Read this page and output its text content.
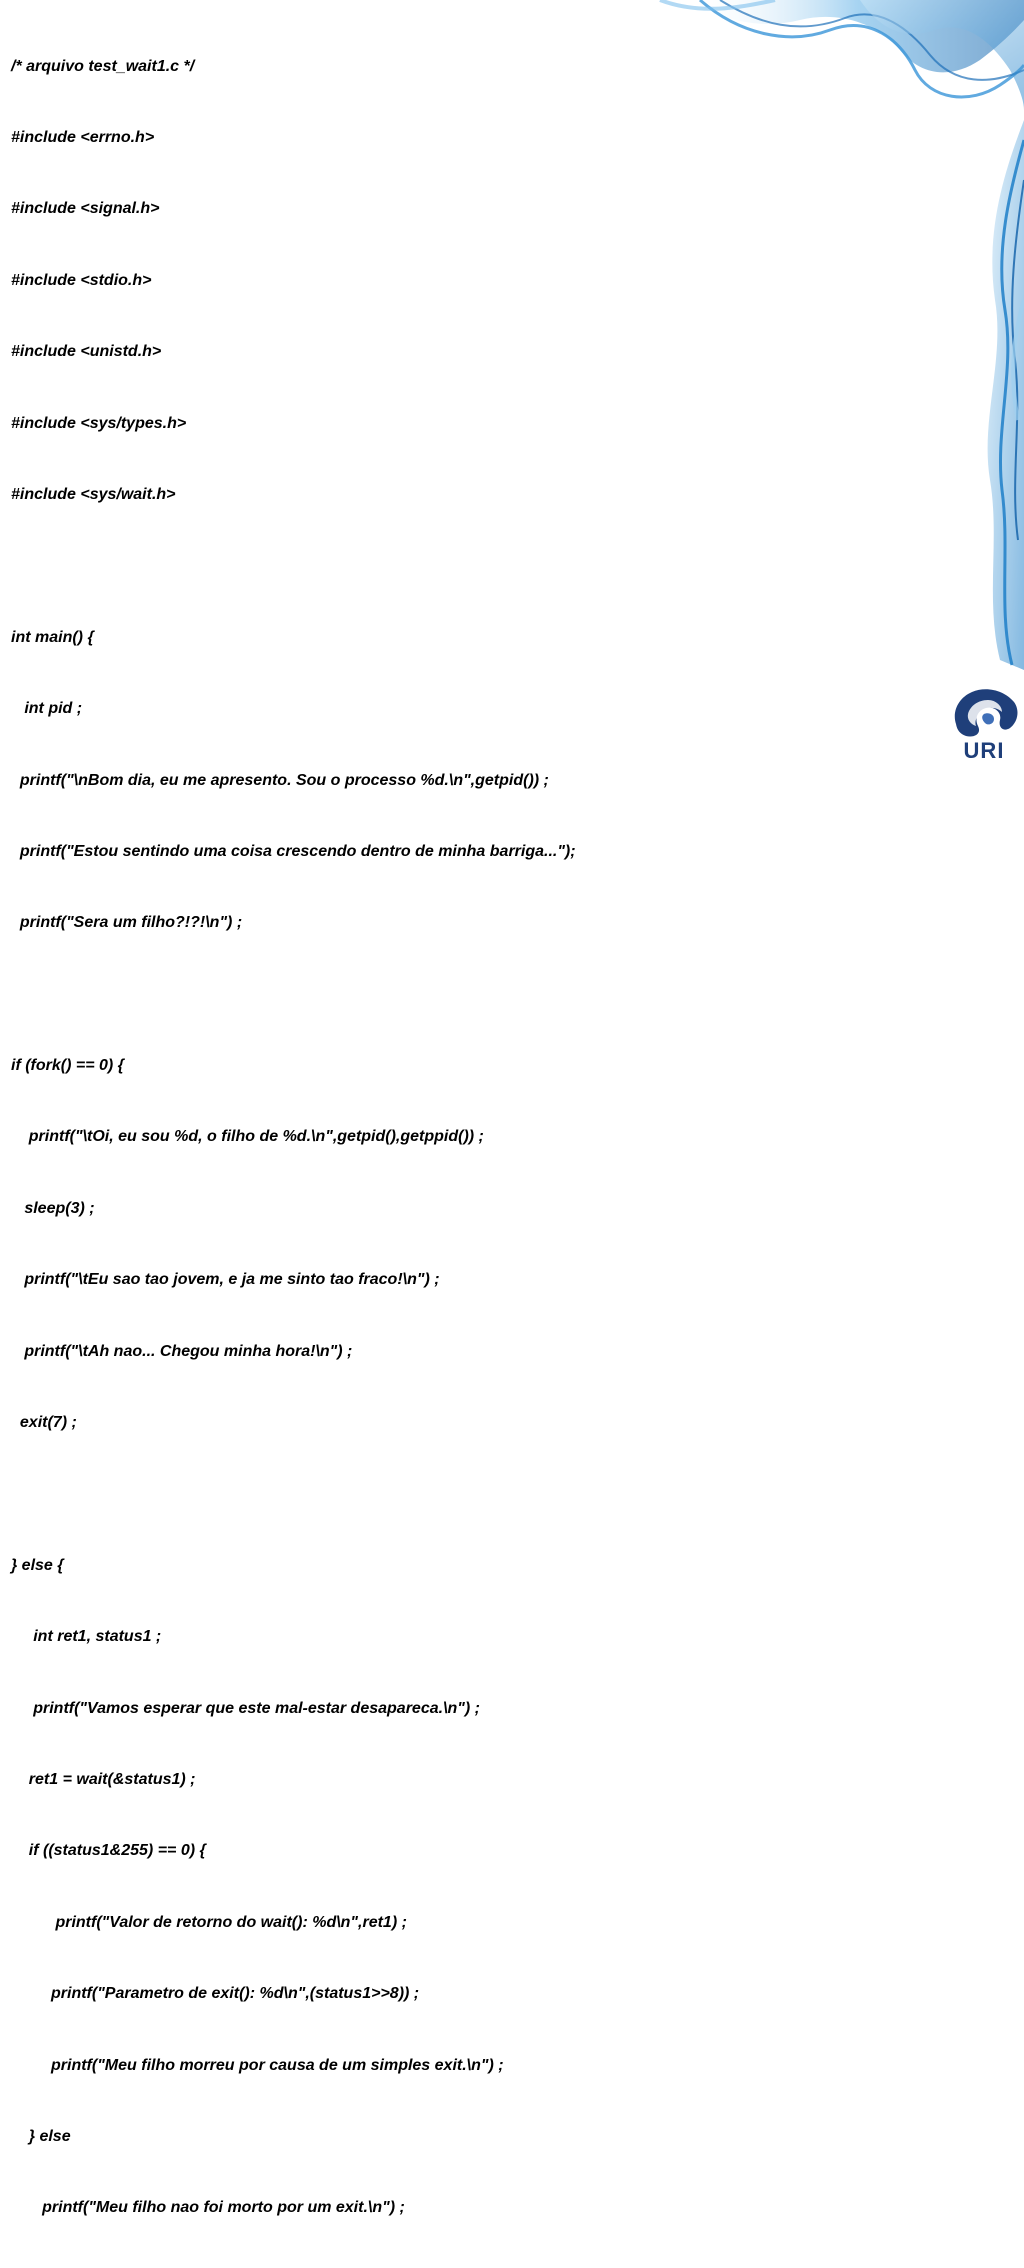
/* arquivo test_wait1.c */

#include <errno.h>

#include <signal.h>

#include <stdio.h>

#include <unistd.h>

#include <sys/types.h>

#include <sys/wait.h>

int main() {

int pid ;

printf("\nBom dia, eu me apresento. Sou o processo %d.\n",getpid()) ;

printf("Estou sentindo uma coisa crescendo dentro de minha barriga...");

printf("Sera um filho?!?!\n") ;

if (fork() == 0) {

printf("\tOi, eu sou %d, o filho de %d.\n",getpid(),getppid()) ;

sleep(3) ;

printf("\tEu sao tao jovem, e ja me sinto tao fraco!\n") ;

printf("\tAh nao... Chegou minha hora!\n") ;

exit(7) ;

} else {

int ret1, status1 ;

printf("Vamos esperar que este mal-estar desapareca.\n") ;

ret1 = wait(&status1) ;

if ((status1&255) == 0) {

printf("Valor de retorno do wait(): %d\n",ret1) ;

printf("Parametro de exit(): %d\n",(status1>>8)) ;

printf("Meu filho morreu por causa de um simples exit.\n") ;

} else

printf("Meu filho nao foi morto por um exit.\n") ;

URI
